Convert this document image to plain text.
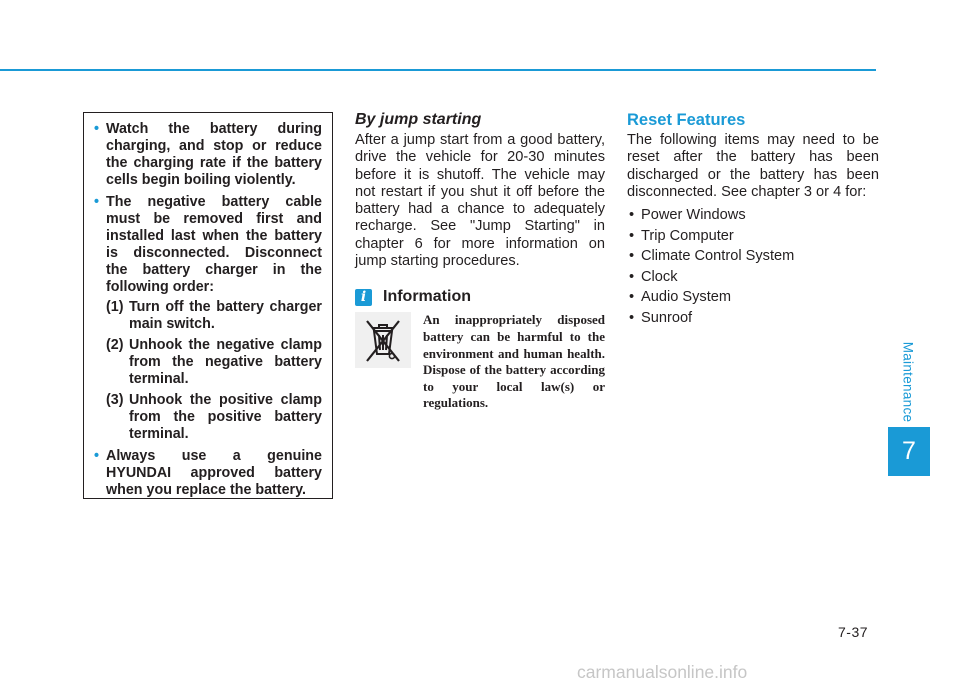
• Watch the battery during charging, and stop or reduce the charging rate if the battery cells begin boiling violently.
• The negative battery cable must be removed first and installed last when the battery is disconnected. Disconnect the battery charger in the following order:
(1) Turn off the battery charger main switch.
(2) Unhook the negative clamp from the negative battery terminal.
(3) Unhook the positive clamp from the positive battery terminal.
• Always use a genuine HYUNDAI approved battery when you replace the battery.
By jump starting

After a jump start from a good battery, drive the vehicle for 20-30 minutes before it is shutoff. The vehicle may not restart if you shut it off before the battery had a chance to adequately recharge. See "Jump Starting" in chapter 6 for more information on jump starting procedures.

i	Information

An inappropriately disposed battery can be harmful to the environment and human health. Dispose of the battery according to your local law(s) or regulations.

Reset Features

The following items may need to be reset after the battery has been discharged or the battery has been disconnected. See chapter 3 or 4 for:

• Power Windows
• Trip Computer
• Climate Control System
• Clock
• Audio System
• Sunroof
Maintenance
7
7-37
carmanualsonline.info
